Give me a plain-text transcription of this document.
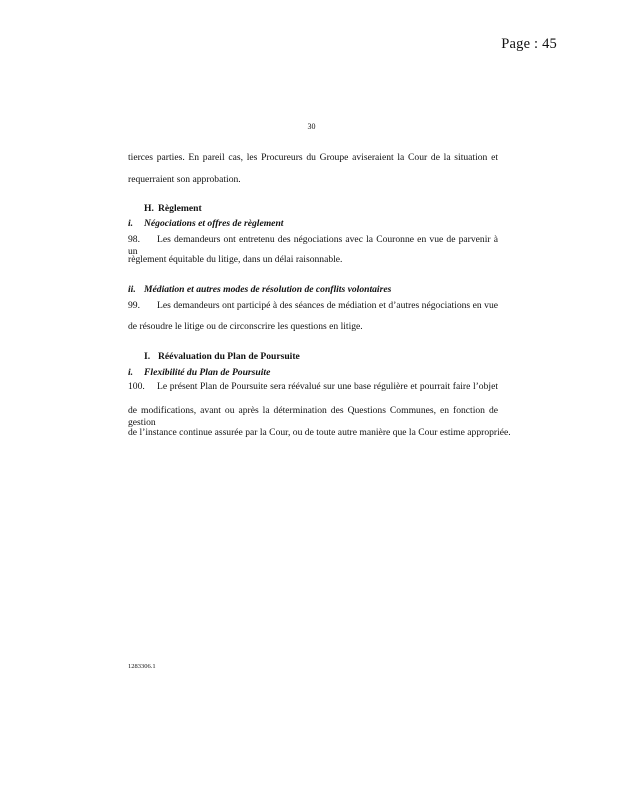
Page : 45
30
tierces parties. En pareil cas, les Procureurs du Groupe aviseraient la Cour de la situation et
requerraient son approbation.
H. Règlement
i. Négociations et offres de règlement
98. Les demandeurs ont entretenu des négociations avec la Couronne en vue de parvenir à un
règlement équitable du litige, dans un délai raisonnable.
ii. Médiation et autres modes de résolution de conflits volontaires
99. Les demandeurs ont participé à des séances de médiation et d’autres négociations en vue
de résoudre le litige ou de circonscrire les questions en litige.
I. Réévaluation du Plan de Poursuite
i. Flexibilité du Plan de Poursuite
100. Le présent Plan de Poursuite sera réévalué sur une base régulière et pourrait faire l’objet
de modifications, avant ou après la détermination des Questions Communes, en fonction de gestion
de l’instance continue assurée par la Cour, ou de toute autre manière que la Cour estime appropriée.
1283306.1
